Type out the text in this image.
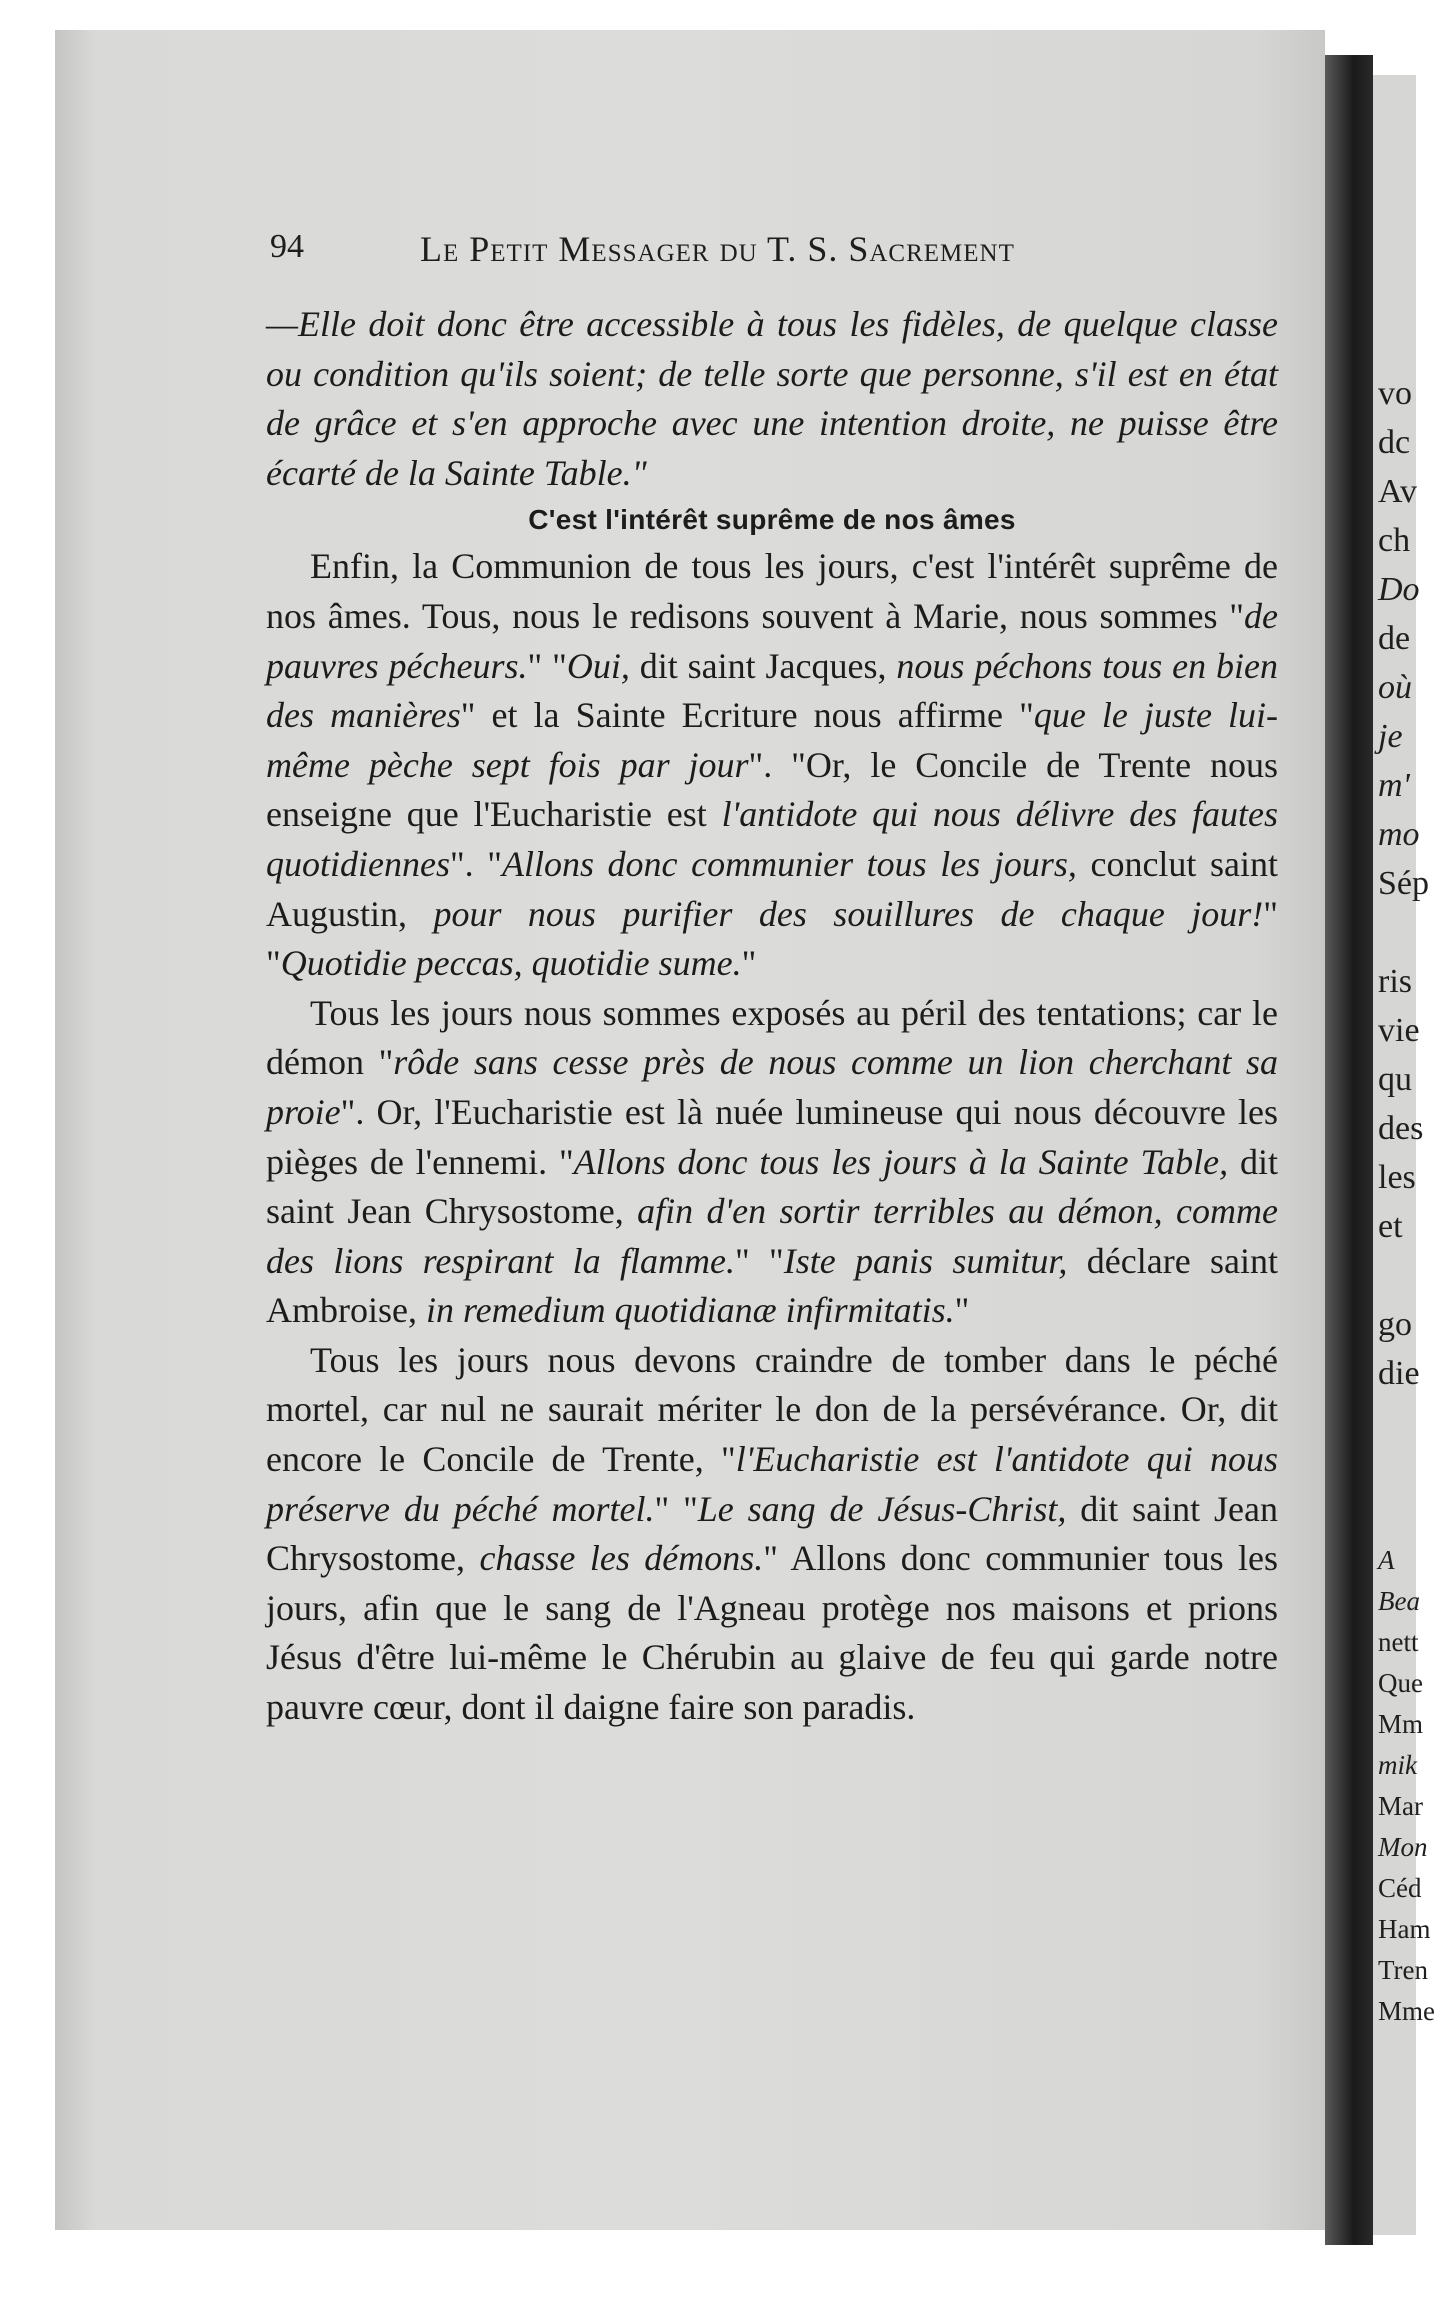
vo
dc
Av
ch
Do
de
où
je
m'
mo
Sép
ris
vie
qu
des
les
et
go
die
A
Bea
nett
Que
Mm
mik
Mar
Mon
Céd
Ham
Tren
Mme
94	Le Petit Messager du T. S. Sacrement

—Elle doit donc être accessible à tous les fidèles, de quelque classe ou condition qu'ils soient; de telle sorte que personne, s'il est en état de grâce et s'en approche avec une intention droite, ne puisse être écarté de la Sainte Table."

C'est l'intérêt suprême de nos âmes

Enfin, la Communion de tous les jours, c'est l'intérêt suprême de nos âmes. Tous, nous le redisons souvent à Marie, nous sommes "de pauvres pécheurs." "Oui, dit saint Jacques, nous péchons tous en bien des manières" et la Sainte Ecriture nous affirme "que le juste lui-même pèche sept fois par jour". "Or, le Concile de Trente nous enseigne que l'Eucharistie est l'antidote qui nous délivre des fautes quotidiennes". "Allons donc communier tous les jours, conclut saint Augustin, pour nous purifier des souillures de chaque jour!" "Quotidie peccas, quotidie sume."

Tous les jours nous sommes exposés au péril des tentations; car le démon "rôde sans cesse près de nous comme un lion cherchant sa proie". Or, l'Eucharistie est là nuée lumineuse qui nous découvre les pièges de l'ennemi. "Allons donc tous les jours à la Sainte Table, dit saint Jean Chrysostome, afin d'en sortir terribles au démon, comme des lions respirant la flamme." "Iste panis sumitur, déclare saint Ambroise, in remedium quotidianæ infirmitatis."

Tous les jours nous devons craindre de tomber dans le péché mortel, car nul ne saurait mériter le don de la persévérance. Or, dit encore le Concile de Trente, "l'Eucharistie est l'antidote qui nous préserve du péché mortel." "Le sang de Jésus-Christ, dit saint Jean Chrysostome, chasse les démons." Allons donc communier tous les jours, afin que le sang de l'Agneau protège nos maisons et prions Jésus d'être lui-même le Chérubin au glaive de feu qui garde notre pauvre cœur, dont il daigne faire son paradis.
